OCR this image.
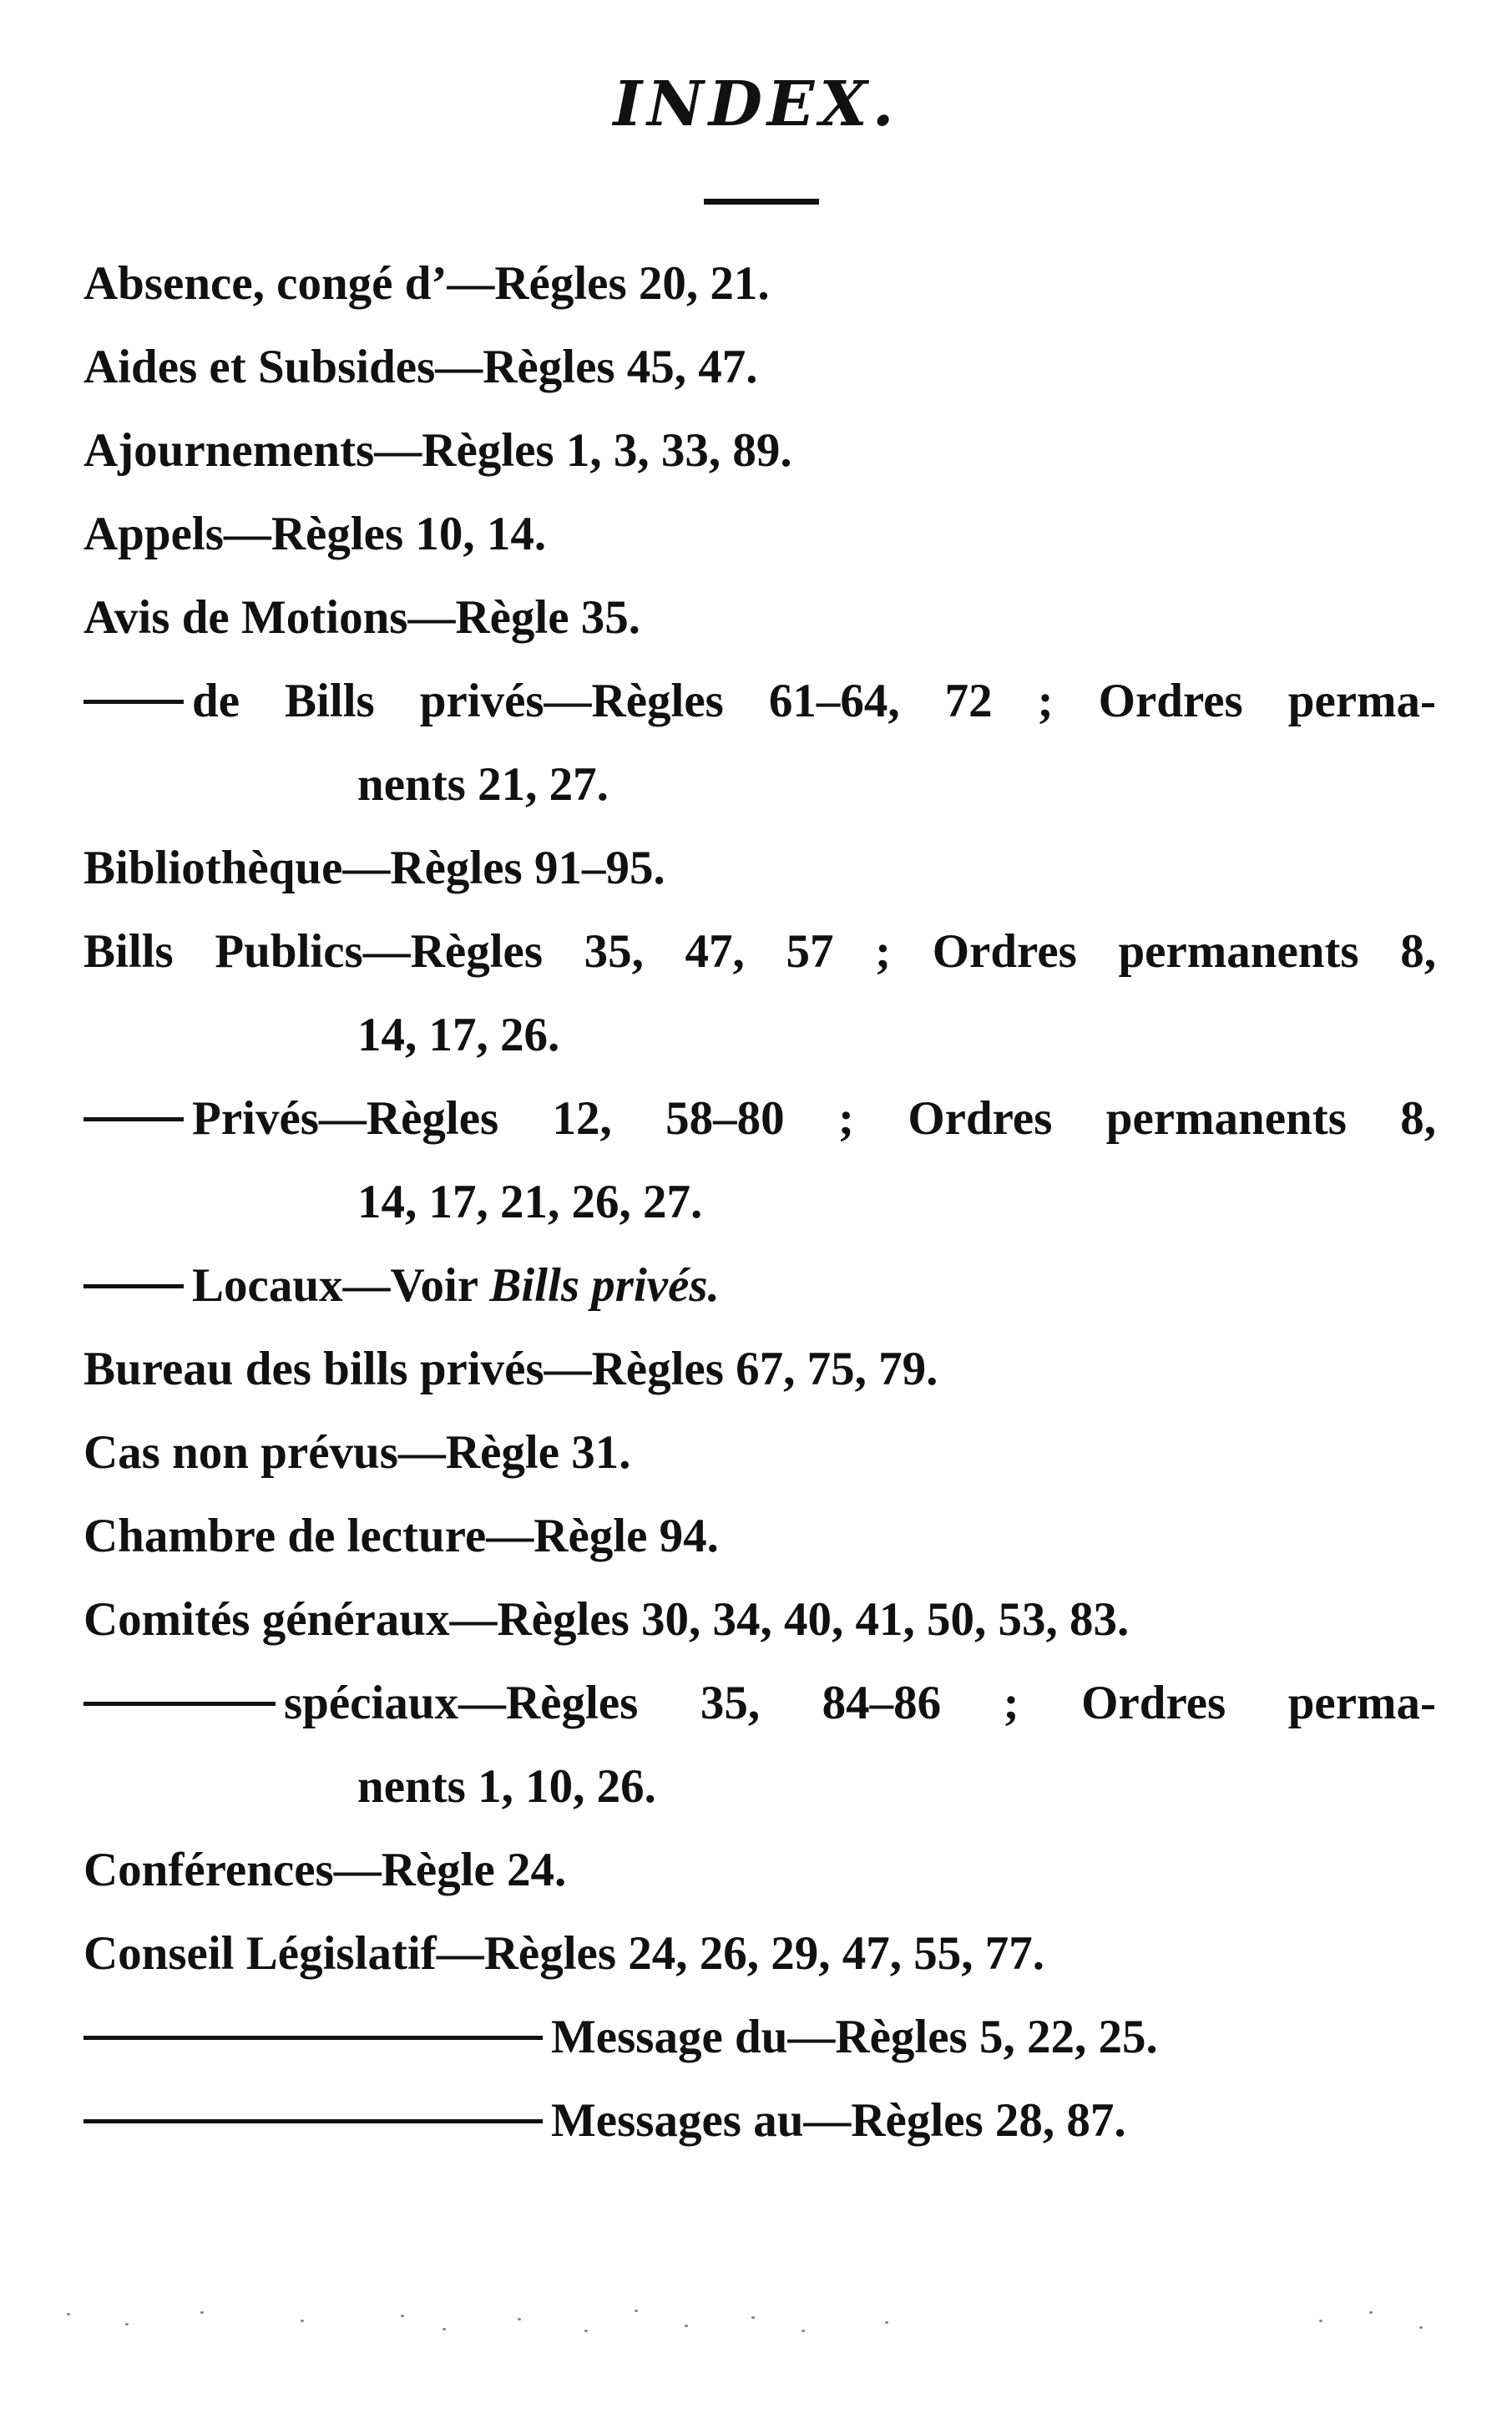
INDEX.
Absence, congé d’—Régles 20, 21.
Aides et Subsides—Règles 45, 47.
Ajournements—Règles 1, 3, 33, 89.
Appels—Règles 10, 14.
Avis de Motions—Règle 35.
de Bills privés—Règles 61–64, 72 ; Ordres perma-
nents 21, 27.
Bibliothèque—Règles 91–95.
Bills Publics—Règles 35, 47, 57 ; Ordres permanents 8,
14, 17, 26.
Privés—Règles 12, 58–80 ; Ordres permanents 8,
14, 17, 21, 26, 27.
Locaux—Voir Bills privés.
Bureau des bills privés—Règles 67, 75, 79.
Cas non prévus—Règle 31.
Chambre de lecture—Règle 94.
Comités généraux—Règles 30, 34, 40, 41, 50, 53, 83.
spéciaux—Règles 35, 84–86 ; Ordres perma-
nents 1, 10, 26.
Conférences—Règle 24.
Conseil Législatif—Règles 24, 26, 29, 47, 55, 77.
Message du—Règles 5, 22, 25.
Messages au—Règles 28, 87.
